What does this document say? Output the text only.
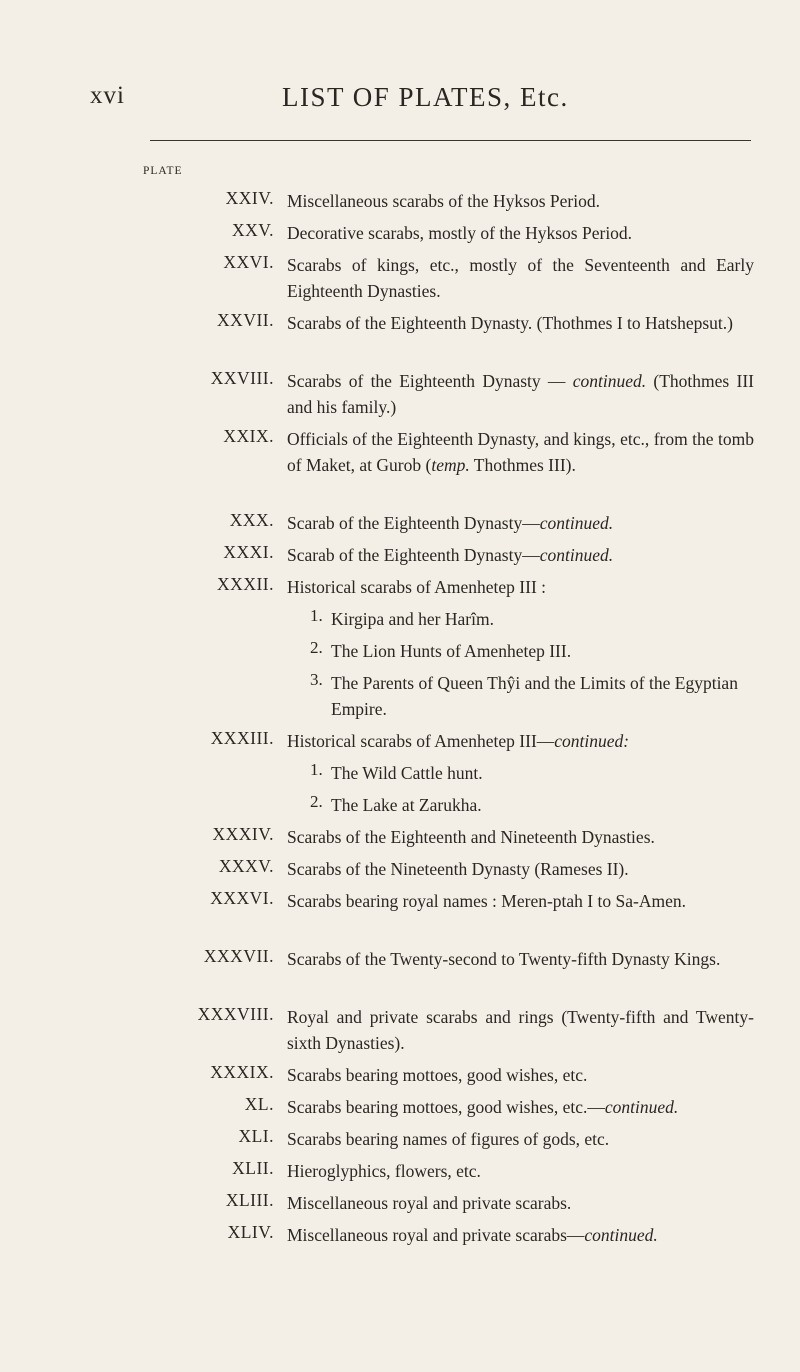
xvi	LIST OF PLATES, Etc.
PLATE
XXIV. Miscellaneous scarabs of the Hyksos Period.
XXV. Decorative scarabs, mostly of the Hyksos Period.
XXVI. Scarabs of kings, etc., mostly of the Seventeenth and Early Eighteenth Dynasties.
XXVII. Scarabs of the Eighteenth Dynasty. (Thothmes I to Hatshepsut.)
XXVIII. Scarabs of the Eighteenth Dynasty — continued. (Thothmes III and his family.)
XXIX. Officials of the Eighteenth Dynasty, and kings, etc., from the tomb of Maket, at Gurob (temp. Thothmes III).
XXX. Scarab of the Eighteenth Dynasty—continued.
XXXI. Scarab of the Eighteenth Dynasty—continued.
XXXII. Historical scarabs of Amenhetep III :
1. Kirgipa and her Harîm.
2. The Lion Hunts of Amenhetep III.
3. The Parents of Queen Thŷi and the Limits of the Egyptian Empire.
XXXIII. Historical scarabs of Amenhetep III—continued:
1. The Wild Cattle hunt.
2. The Lake at Zarukha.
XXXIV. Scarabs of the Eighteenth and Nineteenth Dynasties.
XXXV. Scarabs of the Nineteenth Dynasty (Rameses II).
XXXVI. Scarabs bearing royal names : Meren-ptah I to Sa-Amen.
XXXVII. Scarabs of the Twenty-second to Twenty-fifth Dynasty Kings.
XXXVIII. Royal and private scarabs and rings (Twenty-fifth and Twenty-sixth Dynasties).
XXXIX. Scarabs bearing mottoes, good wishes, etc.
XL. Scarabs bearing mottoes, good wishes, etc.—continued.
XLI. Scarabs bearing names of figures of gods, etc.
XLII. Hieroglyphics, flowers, etc.
XLIII. Miscellaneous royal and private scarabs.
XLIV. Miscellaneous royal and private scarabs—continued.
